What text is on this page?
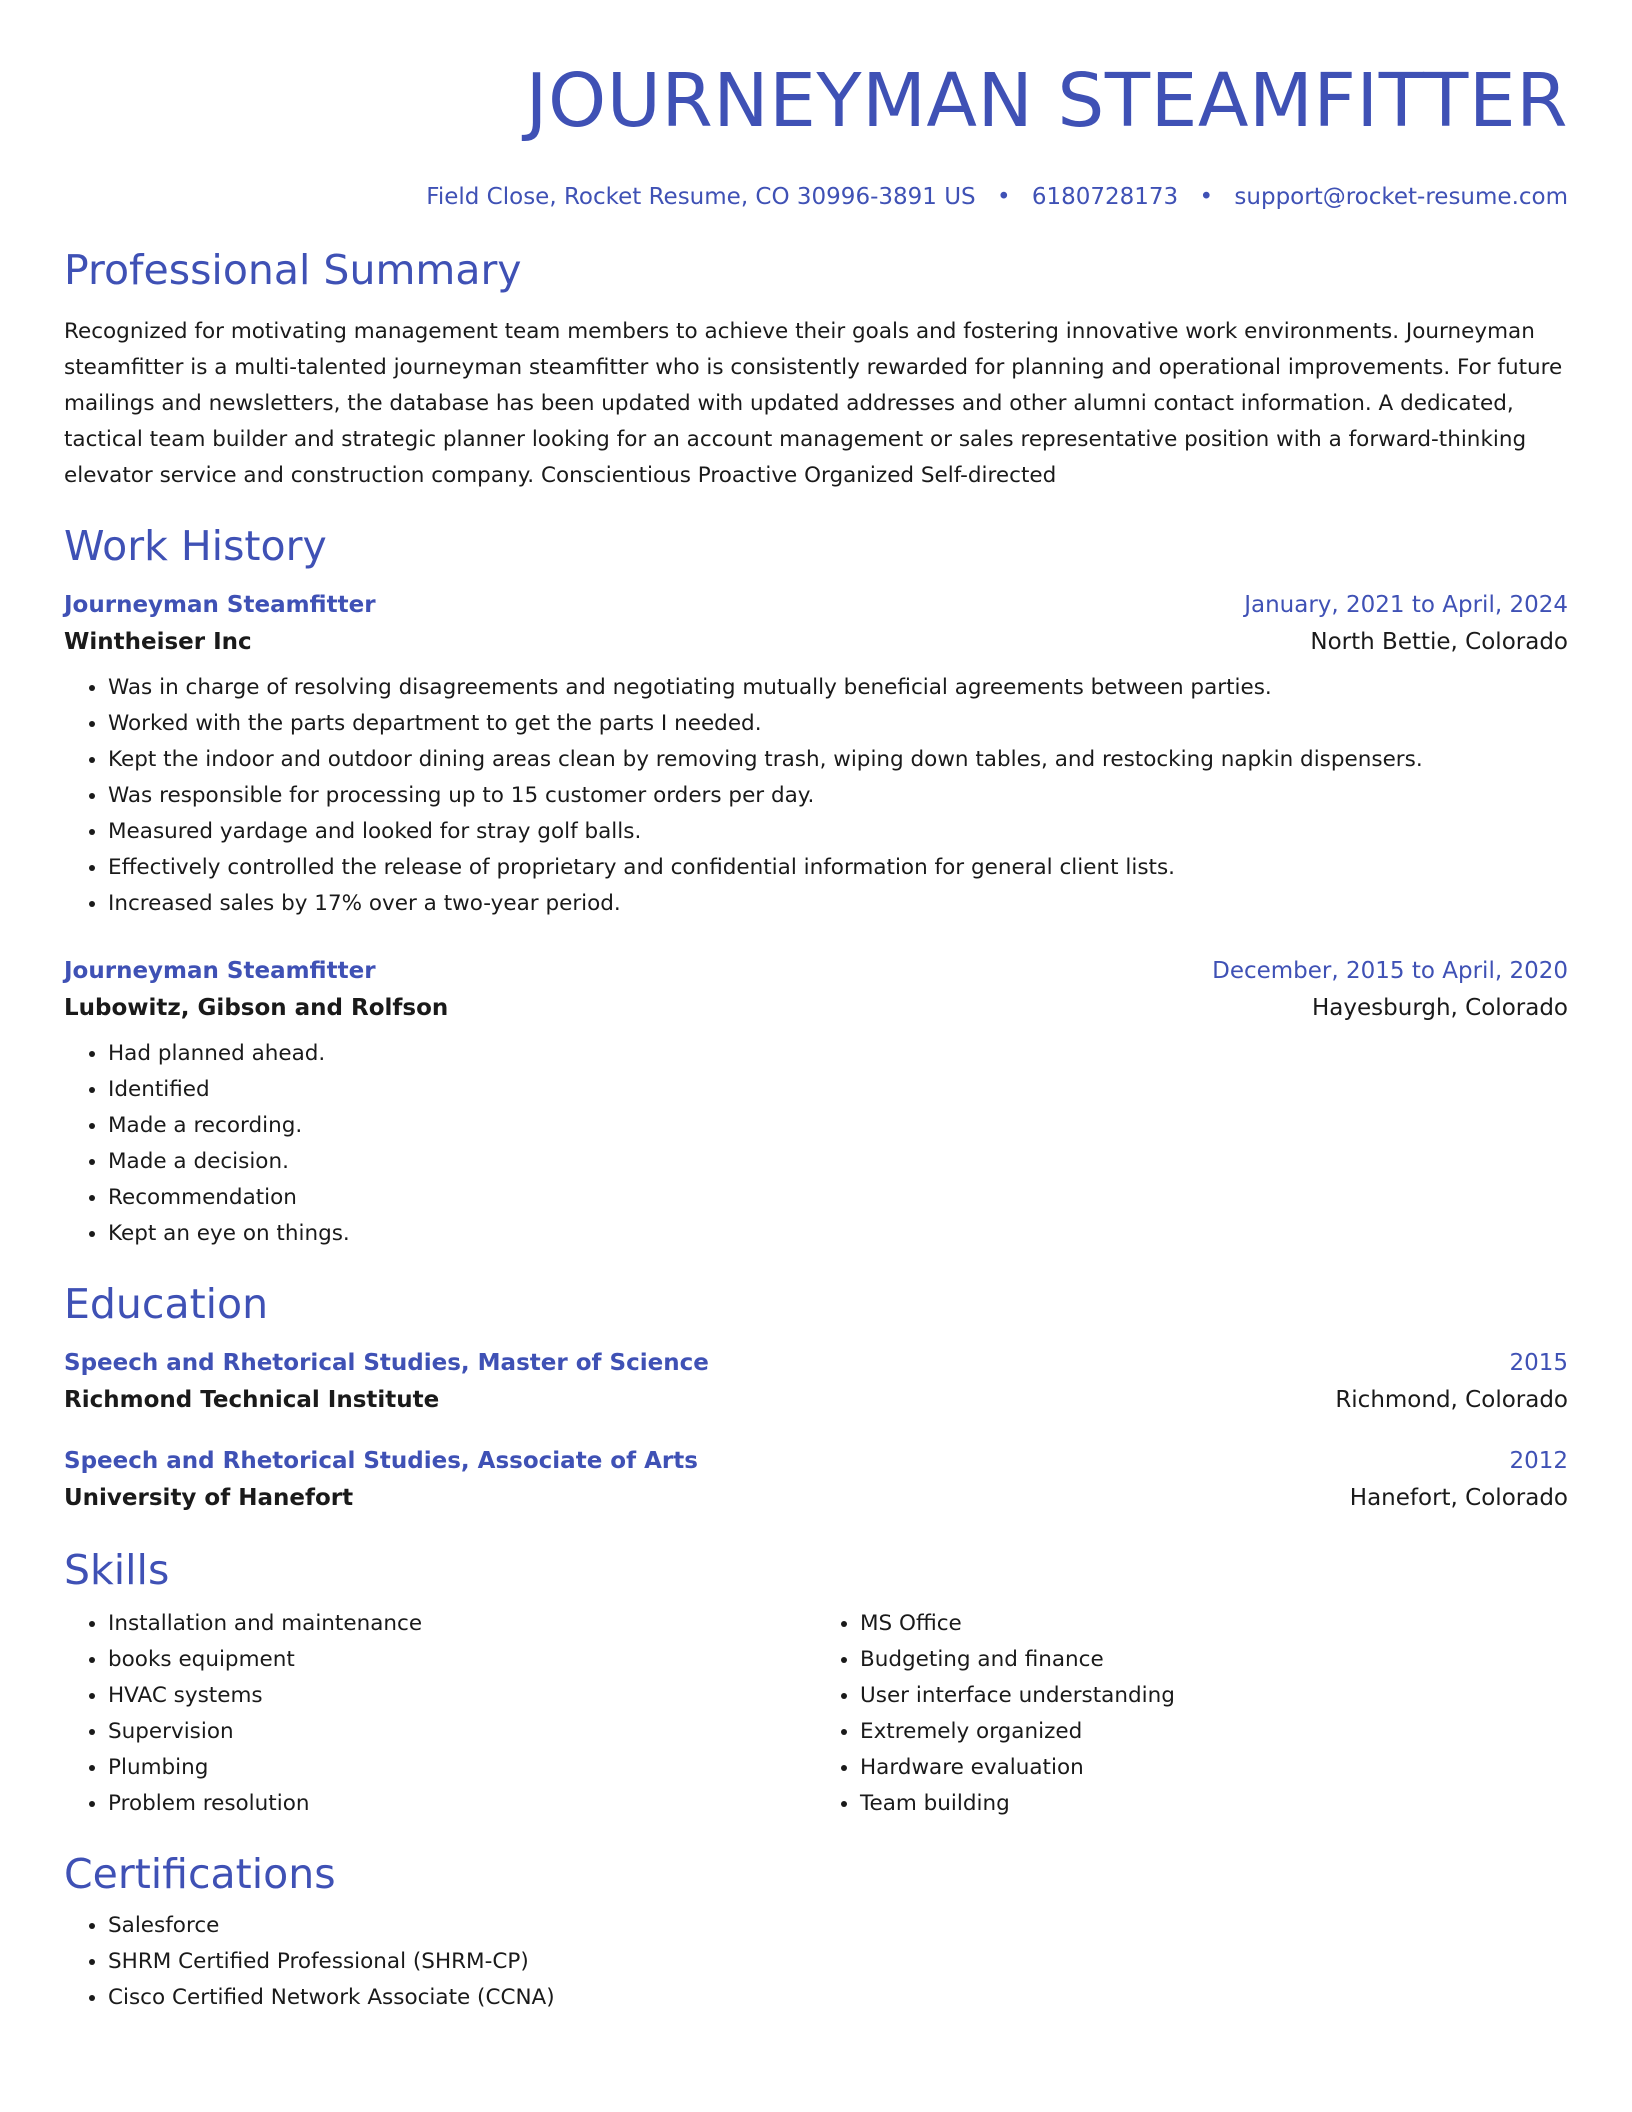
JOURNEYMAN STEAMFITTER
Field Close, Rocket Resume, CO 30996-3891 US • 6180728173 • support@rocket-resume.com
Professional Summary
Recognized for motivating management team members to achieve their goals and fostering innovative work environments. Journeyman steamfitter is a multi-talented journeyman steamfitter who is consistently rewarded for planning and operational improvements. For future mailings and newsletters, the database has been updated with updated addresses and other alumni contact information. A dedicated, tactical team builder and strategic planner looking for an account management or sales representative position with a forward-thinking elevator service and construction company. Conscientious Proactive Organized Self-directed
Work History
Journeyman Steamfitter	January, 2021 to April, 2024
Wintheiser Inc	North Bettie, Colorado
• Was in charge of resolving disagreements and negotiating mutually beneficial agreements between parties.
• Worked with the parts department to get the parts I needed.
• Kept the indoor and outdoor dining areas clean by removing trash, wiping down tables, and restocking napkin dispensers.
• Was responsible for processing up to 15 customer orders per day.
• Measured yardage and looked for stray golf balls.
• Effectively controlled the release of proprietary and confidential information for general client lists.
• Increased sales by 17% over a two-year period.
Journeyman Steamfitter	December, 2015 to April, 2020
Lubowitz, Gibson and Rolfson	Hayesburgh, Colorado
• Had planned ahead.
• Identified
• Made a recording.
• Made a decision.
• Recommendation
• Kept an eye on things.
Education
Speech and Rhetorical Studies, Master of Science	2015
Richmond Technical Institute	Richmond, Colorado
Speech and Rhetorical Studies, Associate of Arts	2012
University of Hanefort	Hanefort, Colorado
Skills
• Installation and maintenance
• books equipment
• HVAC systems
• Supervision
• Plumbing
• Problem resolution
• MS Office
• Budgeting and finance
• User interface understanding
• Extremely organized
• Hardware evaluation
• Team building
Certifications
• Salesforce
• SHRM Certified Professional (SHRM-CP)
• Cisco Certified Network Associate (CCNA)
